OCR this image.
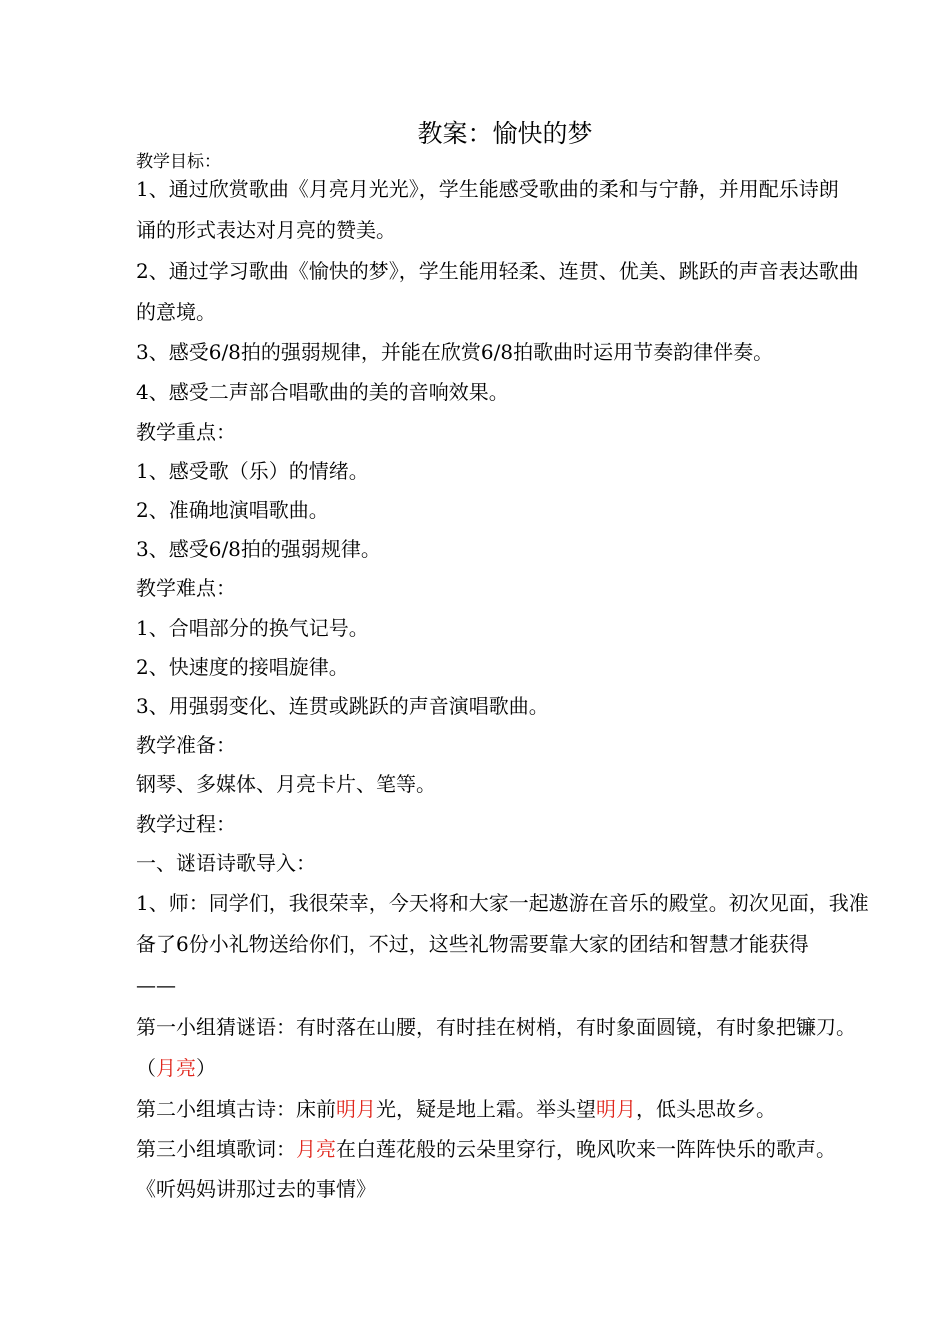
教案：愉快的梦
教学目标：
1、通过欣赏歌曲《月亮月光光》，学生能感受歌曲的柔和与宁静，并用配乐诗朗
诵的形式表达对月亮的赞美。
2、通过学习歌曲《愉快的梦》，学生能用轻柔、连贯、优美、跳跃的声音表达歌曲
的意境。
3、感受6/8拍的强弱规律，并能在欣赏6/8拍歌曲时运用节奏韵律伴奏。
4、感受二声部合唱歌曲的美的音响效果。
教学重点：
1、感受歌（乐）的情绪。
2、准确地演唱歌曲。
3、感受6/8拍的强弱规律。
教学难点：
1、合唱部分的换气记号。
2、快速度的接唱旋律。
3、用强弱变化、连贯或跳跃的声音演唱歌曲。
教学准备：
钢琴、多媒体、月亮卡片、笔等。
教学过程：
一、谜语诗歌导入：
1、师：同学们，我很荣幸，今天将和大家一起遨游在音乐的殿堂。初次见面，我准
备了6份小礼物送给你们，不过，这些礼物需要靠大家的团结和智慧才能获得
——
第一小组猜谜语：有时落在山腰，有时挂在树梢，有时象面圆镜，有时象把镰刀。
（月亮）
第二小组填古诗：床前明月光，疑是地上霜。举头望明月，低头思故乡。
第三小组填歌词：月亮在白莲花般的云朵里穿行，晚风吹来一阵阵快乐的歌声。
《听妈妈讲那过去的事情》
